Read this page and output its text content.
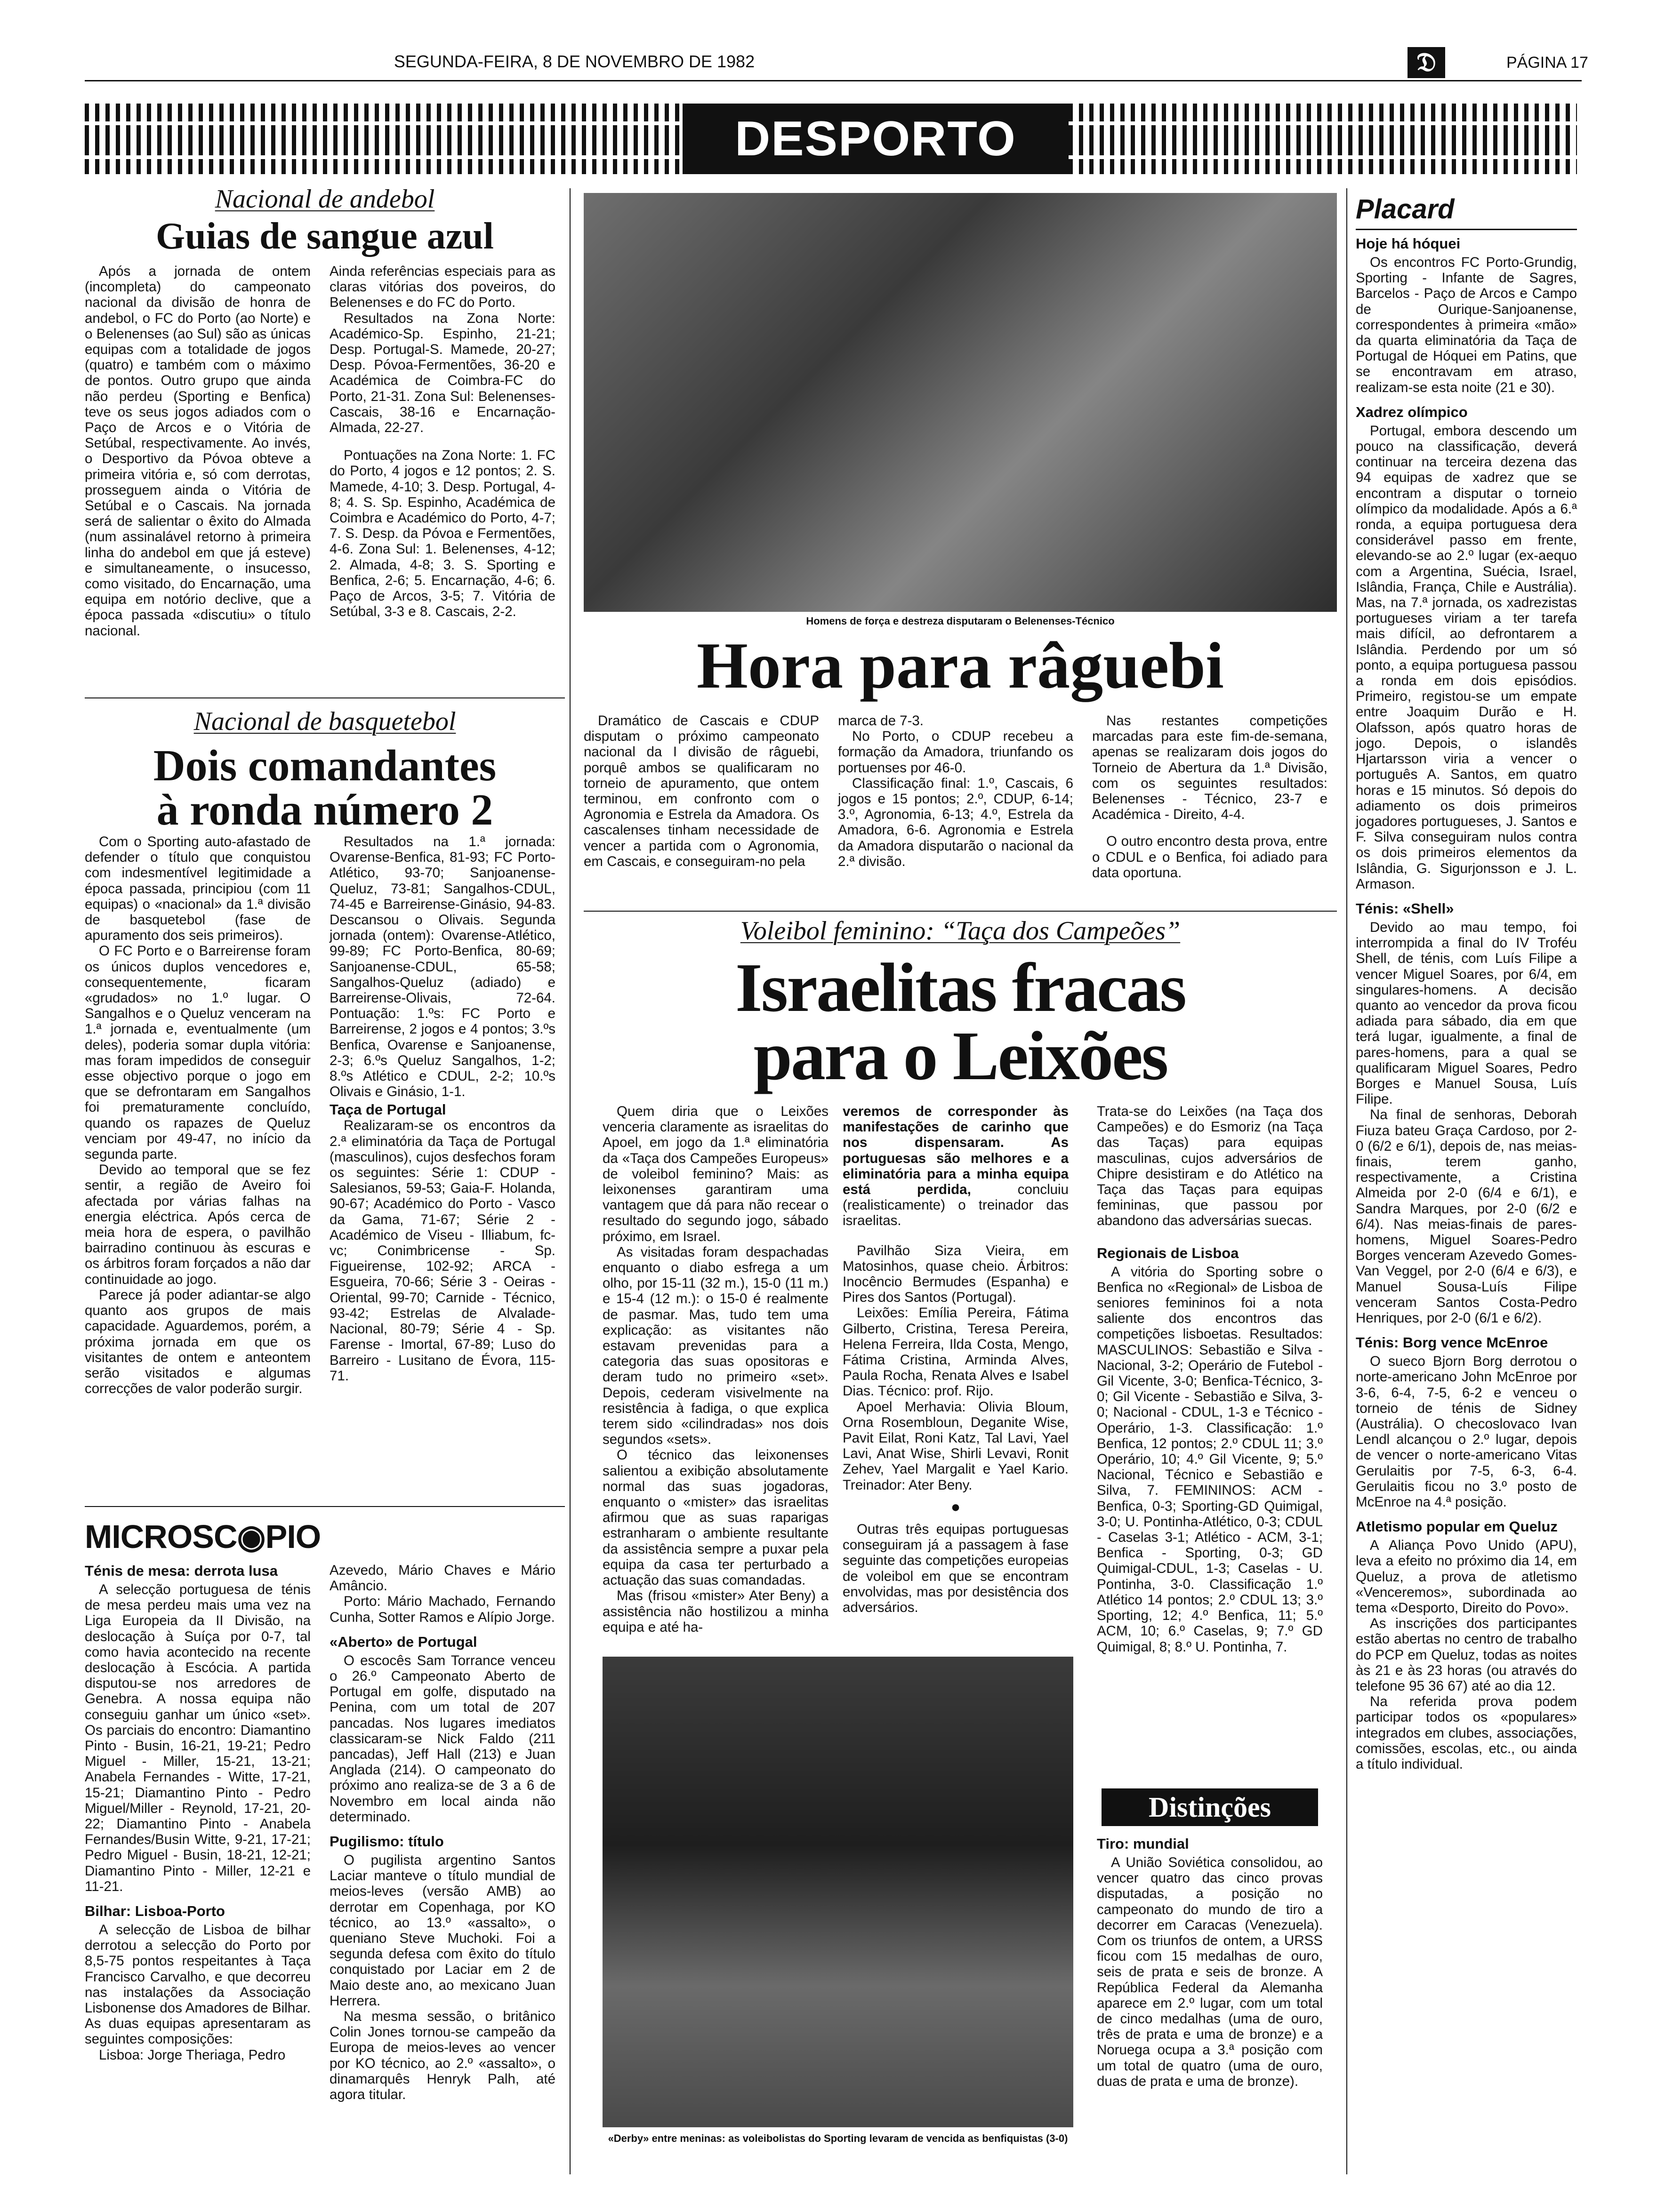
SEGUNDA-FEIRA, 8 DE NOVEMBRO DE 1982	𝔇	PÁGINA 17
DESPORTO
Nacional de andebol
Guias de sangue azul

Após a jornada de ontem (incompleta) do campeonato nacional da divisão de honra de andebol, o FC do Porto (ao Norte) e o Belenenses (ao Sul) são as únicas equipas com a totalidade de jogos (quatro) e também com o máximo de pontos. Outro grupo que ainda não perdeu (Sporting e Benfica) teve os seus jogos adiados com o Paço de Arcos e o Vitória de Setúbal, respectivamente. Ao invés, o Desportivo da Póvoa obteve a primeira vitória e, só com derrotas, prosseguem ainda o Vitória de Setúbal e o Cascais. Na jornada será de salientar o êxito do Almada (num assinalável retorno à primeira linha do andebol em que já esteve) e simultaneamente, o insucesso, como visitado, do Encarnação, uma equipa em notório declive, que a época passada «discutiu» o título nacional.

Ainda referências especiais para as claras vitórias dos poveiros, do Belenenses e do FC do Porto.

Resultados na Zona Norte: Académico-Sp. Espinho, 21-21; Desp. Portugal-S. Mamede, 20-27; Desp. Póvoa-Fermentões, 36-20 e Académica de Coimbra-FC do Porto, 21-31. Zona Sul: Belenenses-Cascais, 38-16 e Encarnação-Almada, 22-27.

Pontuações na Zona Norte: 1. FC do Porto, 4 jogos e 12 pontos; 2. S. Mamede, 4-10; 3. Desp. Portugal, 4-8; 4. S. Sp. Espinho, Académica de Coimbra e Académico do Porto, 4-7; 7. S. Desp. da Póvoa e Fermentões, 4-6. Zona Sul: 1. Belenenses, 4-12; 2. Almada, 4-8; 3. S. Sporting e Benfica, 2-6; 5. Encarnação, 4-6; 6. Paço de Arcos, 3-5; 7. Vitória de Setúbal, 3-3 e 8. Cascais, 2-2.

Nacional de basquetebol
Dois comandantes
à ronda número 2

Com o Sporting auto-afastado de defender o título que conquistou com indesmentível legitimidade a época passada, principiou (com 11 equipas) o «nacional» da 1.ª divisão de basquetebol (fase de apuramento dos seis primeiros).

O FC Porto e o Barreirense foram os únicos duplos vencedores e, consequentemente, ficaram «grudados» no 1.º lugar. O Sangalhos e o Queluz venceram na 1.ª jornada e, eventualmente (um deles), poderia somar dupla vitória: mas foram impedidos de conseguir esse objectivo porque o jogo em que se defrontaram em Sangalhos foi prematuramente concluído, quando os rapazes de Queluz venciam por 49-47, no início da segunda parte.

Devido ao temporal que se fez sentir, a região de Aveiro foi afectada por várias falhas na energia eléctrica. Após cerca de meia hora de espera, o pavilhão bairradino continuou às escuras e os árbitros foram forçados a não dar continuidade ao jogo.

Parece já poder adiantar-se algo quanto aos grupos de mais capacidade. Aguardemos, porém, a próxima jornada em que os visitantes de ontem e anteontem serão visitados e algumas correcções de valor poderão surgir.

Resultados na 1.ª jornada: Ovarense-Benfica, 81-93; FC Porto-Atlético, 93-70; Sanjoanense-Queluz, 73-81; Sangalhos-CDUL, 74-45 e Barreirense-Ginásio, 94-83. Descansou o Olivais. Segunda jornada (ontem): Ovarense-Atlético, 99-89; FC Porto-Benfica, 80-69; Sanjoanense-CDUL, 65-58; Sangalhos-Queluz (adiado) e Barreirense-Olivais, 72-64. Pontuação: 1.ºs: FC Porto e Barreirense, 2 jogos e 4 pontos; 3.ºs Benfica, Ovarense e Sanjoanense, 2-3; 6.ºs Queluz Sangalhos, 1-2; 8.ºs Atlético e CDUL, 2-2; 10.ºs Olivais e Ginásio, 1-1.

Taça de Portugal

Realizaram-se os encontros da 2.ª eliminatória da Taça de Portugal (masculinos), cujos desfechos foram os seguintes: Série 1: CDUP - Salesianos, 59-53; Gaia-F. Holanda, 90-67; Académico do Porto - Vasco da Gama, 71-67; Série 2 - Académico de Viseu - Illiabum, fc-vc; Conimbricense - Sp. Figueirense, 102-92; ARCA - Esgueira, 70-66; Série 3 - Oeiras - Oriental, 99-70; Carnide - Técnico, 93-42; Estrelas de Alvalade-Nacional, 80-79; Série 4 - Sp. Farense - Imortal, 67-89; Luso do Barreiro - Lusitano de Évora, 115-71.

MICROSC◉PIO
Ténis de mesa: derrota lusa

A selecção portuguesa de ténis de mesa perdeu mais uma vez na Liga Europeia da II Divisão, na deslocação à Suíça por 0-7, tal como havia acontecido na recente deslocação à Escócia. A partida disputou-se nos arredores de Genebra. A nossa equipa não conseguiu ganhar um único «set». Os parciais do encontro: Diamantino Pinto - Busin, 16-21, 19-21; Pedro Miguel - Miller, 15-21, 13-21; Anabela Fernandes - Witte, 17-21, 15-21; Diamantino Pinto - Pedro Miguel/Miller - Reynold, 17-21, 20-22; Diamantino Pinto - Anabela Fernandes/Busin Witte, 9-21, 17-21; Pedro Miguel - Busin, 18-21, 12-21; Diamantino Pinto - Miller, 12-21 e 11-21.

Bilhar: Lisboa-Porto

A selecção de Lisboa de bilhar derrotou a selecção do Porto por 8,5-75 pontos respeitantes à Taça Francisco Carvalho, e que decorreu nas instalações da Associação Lisbonense dos Amadores de Bilhar. As duas equipas apresentaram as seguintes composições:

Lisboa: Jorge Theriaga, Pedro

Azevedo, Mário Chaves e Mário Amâncio.

Porto: Mário Machado, Fernando Cunha, Sotter Ramos e Alípio Jorge.

«Aberto» de Portugal

O escocês Sam Torrance venceu o 26.º Campeonato Aberto de Portugal em golfe, disputado na Penina, com um total de 207 pancadas. Nos lugares imediatos classicaram-se Nick Faldo (211 pancadas), Jeff Hall (213) e Juan Anglada (214). O campeonato do próximo ano realiza-se de 3 a 6 de Novembro em local ainda não determinado.

Pugilismo: título

O pugilista argentino Santos Laciar manteve o título mundial de meios-leves (versão AMB) ao derrotar em Copenhaga, por KO técnico, ao 13.º «assalto», o queniano Steve Muchoki. Foi a segunda defesa com êxito do título conquistado por Laciar em 2 de Maio deste ano, ao mexicano Juan Herrera.

Na mesma sessão, o britânico Colin Jones tornou-se campeão da Europa de meios-leves ao vencer por KO técnico, ao 2.º «assalto», o dinamarquês Henryk Palh, até agora titular.

Homens de força e destreza disputaram o Belenenses-Técnico
Hora para râguebi

Dramático de Cascais e CDUP disputam o próximo campeonato nacional da I divisão de râguebi, porquê ambos se qualificaram no torneio de apuramento, que ontem terminou, em confronto com o Agronomia e Estrela da Amadora. Os cascalenses tinham necessidade de vencer a partida com o Agronomia, em Cascais, e conseguiram-no pela

marca de 7-3.

No Porto, o CDUP recebeu a formação da Amadora, triunfando os portuenses por 46-0.

Classificação final: 1.º, Cascais, 6 jogos e 15 pontos; 2.º, CDUP, 6-14; 3.º, Agronomia, 6-13; 4.º, Estrela da Amadora, 6-6. Agronomia e Estrela da Amadora disputarão o nacional da 2.ª divisão.

Nas restantes competições marcadas para este fim-de-semana, apenas se realizaram dois jogos do Torneio de Abertura da 1.ª Divisão, com os seguintes resultados: Belenenses - Técnico, 23-7 e Académica - Direito, 4-4.

O outro encontro desta prova, entre o CDUL e o Benfica, foi adiado para data oportuna.

Voleibol feminino: “Taça dos Campeões”
Israelitas fracas
para o Leixões

Quem diria que o Leixões venceria claramente as israelitas do Apoel, em jogo da 1.ª eliminatória da «Taça dos Campeões Europeus» de voleibol feminino? Mais: as leixonenses garantiram uma vantagem que dá para não recear o resultado do segundo jogo, sábado próximo, em Israel.

As visitadas foram despachadas enquanto o diabo esfrega a um olho, por 15-11 (32 m.), 15-0 (11 m.) e 15-4 (12 m.): o 15-0 é realmente de pasmar. Mas, tudo tem uma explicação: as visitantes não estavam prevenidas para a categoria das suas opositoras e deram tudo no primeiro «set». Depois, cederam visivelmente na resistência à fadiga, o que explica terem sido «cilindradas» nos dois segundos «sets».

O técnico das leixonenses salientou a exibição absolutamente normal das suas jogadoras, enquanto o «mister» das israelitas afirmou que as suas raparigas estranharam o ambiente resultante da assistência sempre a puxar pela equipa da casa ter perturbado a actuação das suas comandadas.

Mas (frisou «mister» Ater Beny) a assistência não hostilizou a minha equipa e até ha-

veremos de corresponder às manifestações de carinho que nos dispensaram. As portuguesas são melhores e a eliminatória para a minha equipa está perdida,	concluiu (realisticamente) o treinador das israelitas.

Pavilhão Siza Vieira, em Matosinhos, quase cheio. Árbitros: Inocêncio Bermudes (Espanha) e Pires dos Santos (Portugal).

Leixões: Emília Pereira, Fátima Gilberto, Cristina, Teresa Pereira, Helena Ferreira, Ilda Costa, Mengo, Fátima Cristina, Arminda Alves, Paula Rocha, Renata Alves e Isabel Dias. Técnico: prof. Rijo.

Apoel Merhavia: Olivia Bloum, Orna Rosembloun, Deganite Wise, Pavit Eilat, Roni Katz, Tal Lavi, Yael Lavi, Anat Wise, Shirli Levavi, Ronit Zehev, Yael Margalit e Yael Kario. Treinador: Ater Beny.

●

Outras três equipas portuguesas conseguiram já a passagem à fase seguinte das competições europeias de voleibol em que se encontram envolvidas, mas por desistência dos adversários.

Trata-se do Leixões (na Taça dos Campeões) e do Esmoriz (na Taça das Taças) para equipas masculinas, cujos adversários de Chipre desistiram e do Atlético na Taça das Taças para equipas femininas, que passou por abandono das adversárias suecas.

Regionais de Lisboa

A vitória do Sporting sobre o Benfica no «Regional» de Lisboa de seniores femininos foi a nota saliente dos encontros das competições lisboetas. Resultados: MASCULINOS: Sebastião e Silva - Nacional, 3-2; Operário de Futebol - Gil Vicente, 3-0; Benfica-Técnico, 3-0; Gil Vicente - Sebastião e Silva, 3-0; Nacional - CDUL, 1-3 e Técnico - Operário, 1-3. Classificação: 1.º Benfica, 12 pontos; 2.º CDUL 11; 3.º Operário, 10; 4.º Gil Vicente, 9; 5.º Nacional, Técnico e Sebastião e Silva, 7. FEMININOS: ACM - Benfica, 0-3; Sporting-GD Quimigal, 3-0; U. Pontinha-Atlético, 0-3; CDUL - Caselas 3-1; Atlético - ACM, 3-1; Benfica - Sporting, 0-3; GD Quimigal-CDUL, 1-3; Caselas - U. Pontinha, 3-0. Classificação 1.º Atlético 14 pontos; 2.º CDUL 13; 3.º Sporting, 12; 4.º Benfica, 11; 5.º ACM, 10; 6.º Caselas, 9; 7.º GD Quimigal, 8; 8.º U. Pontinha, 7.

«Derby» entre meninas: as voleibolistas do Sporting levaram de vencida as benfiquistas (3-0)
Distinções
Tiro: mundial

A União Soviética consolidou, ao vencer quatro das cinco provas disputadas, a posição no campeonato do mundo de tiro a decorrer em Caracas (Venezuela). Com os triunfos de ontem, a URSS ficou com 15 medalhas de ouro, seis de prata e seis de bronze. A República Federal da Alemanha aparece em 2.º lugar, com um total de cinco medalhas (uma de ouro, três de prata e uma de bronze) e a Noruega ocupa a 3.ª posição com um total de quatro (uma de ouro, duas de prata e uma de bronze).

Placard
Hoje há hóquei

Os encontros FC Porto-Grundig, Sporting - Infante de Sagres, Barcelos - Paço de Arcos e Campo de Ourique-Sanjoanense, correspondentes à primeira «mão» da quarta eliminatória da Taça de Portugal de Hóquei em Patins, que se encontravam em atraso, realizam-se esta noite (21 e 30).

Xadrez olímpico

Portugal, embora descendo um pouco na classificação, deverá continuar na terceira dezena das 94 equipas de xadrez que se encontram a disputar o torneio olímpico da modalidade. Após a 6.ª ronda, a equipa portuguesa dera considerável passo em frente, elevando-se ao 2.º lugar (ex-aequo com a Argentina, Suécia, Israel, Islândia, França, Chile e Austrália). Mas, na 7.ª jornada, os xadrezistas portugueses viriam a ter tarefa mais difícil, ao defrontarem a Islândia. Perdendo por um só ponto, a equipa portuguesa passou a ronda em dois episódios. Primeiro, registou-se um empate entre Joaquim Durão e H. Olafsson, após quatro horas de jogo. Depois, o islandês Hjartarsson viria a vencer o português A. Santos, em quatro horas e 15 minutos. Só depois do adiamento os dois primeiros jogadores portugueses, J. Santos e F. Silva conseguiram nulos contra os dois primeiros elementos da Islândia, G. Sigurjonsson e J. L. Armason.

Ténis: «Shell»

Devido ao mau tempo, foi interrompida a final do IV Troféu Shell, de ténis, com Luís Filipe a vencer Miguel Soares, por 6/4, em singulares-homens. A decisão quanto ao vencedor da prova ficou adiada para sábado, dia em que terá lugar, igualmente, a final de pares-homens, para a qual se qualificaram Miguel Soares, Pedro Borges e Manuel Sousa, Luís Filipe.

Na final de senhoras, Deborah Fiuza bateu Graça Cardoso, por 2-0 (6/2 e 6/1), depois de, nas meias-finais, terem ganho, respectivamente, a Cristina Almeida por 2-0 (6/4 e 6/1), e Sandra Marques, por 2-0 (6/2 e 6/4). Nas meias-finais de pares-homens, Miguel Soares-Pedro Borges venceram Azevedo Gomes-Van Veggel, por 2-0 (6/4 e 6/3), e Manuel Sousa-Luís Filipe venceram Santos Costa-Pedro Henriques, por 2-0 (6/1 e 6/2).

Ténis: Borg vence McEnroe

O sueco Bjorn Borg derrotou o norte-americano John McEnroe por 3-6, 6-4, 7-5, 6-2 e venceu o torneio de ténis de Sidney (Austrália). O checoslovaco Ivan Lendl alcançou o 2.º lugar, depois de vencer o norte-americano Vitas Gerulaitis por 7-5, 6-3, 6-4. Gerulaitis ficou no 3.º posto de McEnroe na 4.ª posição.

Atletismo popular em Queluz

A Aliança Povo Unido (APU), leva a efeito no próximo dia 14, em Queluz, a prova de atletismo «Venceremos», subordinada ao tema «Desporto, Direito do Povo».

As inscrições dos participantes estão abertas no centro de trabalho do PCP em Queluz, todas as noites às 21 e às 23 horas (ou através do telefone 95 36 67) até ao dia 12.

Na referida prova podem participar todos os «populares» integrados em clubes, associações, comissões, escolas, etc., ou ainda a título individual.
